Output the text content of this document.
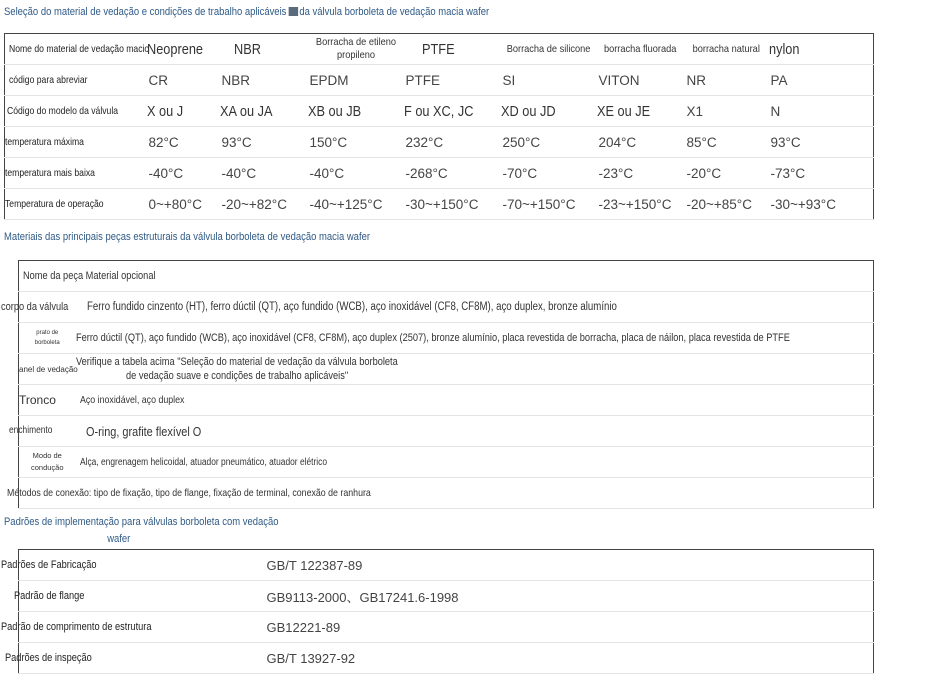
Seleção do material de vedação e condições de trabalho aplicáveis da válvula borboleta de vedação macia wafer
Nome do material de vedação macio	Neoprene	NBR	Borracha de etileno propileno	PTFE	Borracha de silicone	borracha fluorada	borracha natural	nylon
código para abreviar	CR	NBR	EPDM	PTFE	SI	VITON	NR	PA
Código do modelo da válvula	X ou J	XA ou JA	XB ou JB	F ou XC, JC	XD ou JD	XE ou JE	X1	N
temperatura máxima	82°C	93°C	150°C	232°C	250°C	204°C	85°C	93°C
temperatura mais baixa	-40°C	-40°C	-40°C	-268°C	-70°C	-23°C	-20°C	-73°C
Temperatura de operação	0~+80°C	-20~+82°C	-40~+125°C	-30~+150°C	-70~+150°C	-23~+150°C	-20~+85°C	-30~+93°C
Materiais das principais peças estruturais da válvula borboleta de vedação macia wafer
Nome da peça Material opcional	

corpo da válvula Ferro fundido cinzento (HT), ferro dúctil (QT), aço fundido (WCB), aço inoxidável (CF8, CF8M), aço duplex, bronze alumínio	

prato de
borboleta	Ferro dúctil (QT), aço fundido (WCB), aço inoxidável (CF8, CF8M), aço duplex (2507), bronze alumínio, placa revestida de borracha, placa de náilon, placa revestida de PTFE
anel de vedação	Verifique a tabela acima "Seleção do material de vedação da válvula borboleta
de vedação suave e condições de trabalho aplicáveis"
Tronco	Aço inoxidável, aço duplex

enchimento	O-ring, grafite flexível O

Modo de
condução	Alça, engrenagem helicoidal, atuador pneumático, atuador elétrico

Métodos de conexão: tipo de fixação, tipo de flange, fixação de terminal, conexão de ranhura	
Padrões de implementação para válvulas borboleta com vedação
wafer
Padrões de Fabricação	GB/T 122387-89

Padrão de flange	GB9113-2000、GB17241.6-1998

Padrão de comprimento de estrutura	GB12221-89

Padrões de inspeção	GB/T 13927-92
